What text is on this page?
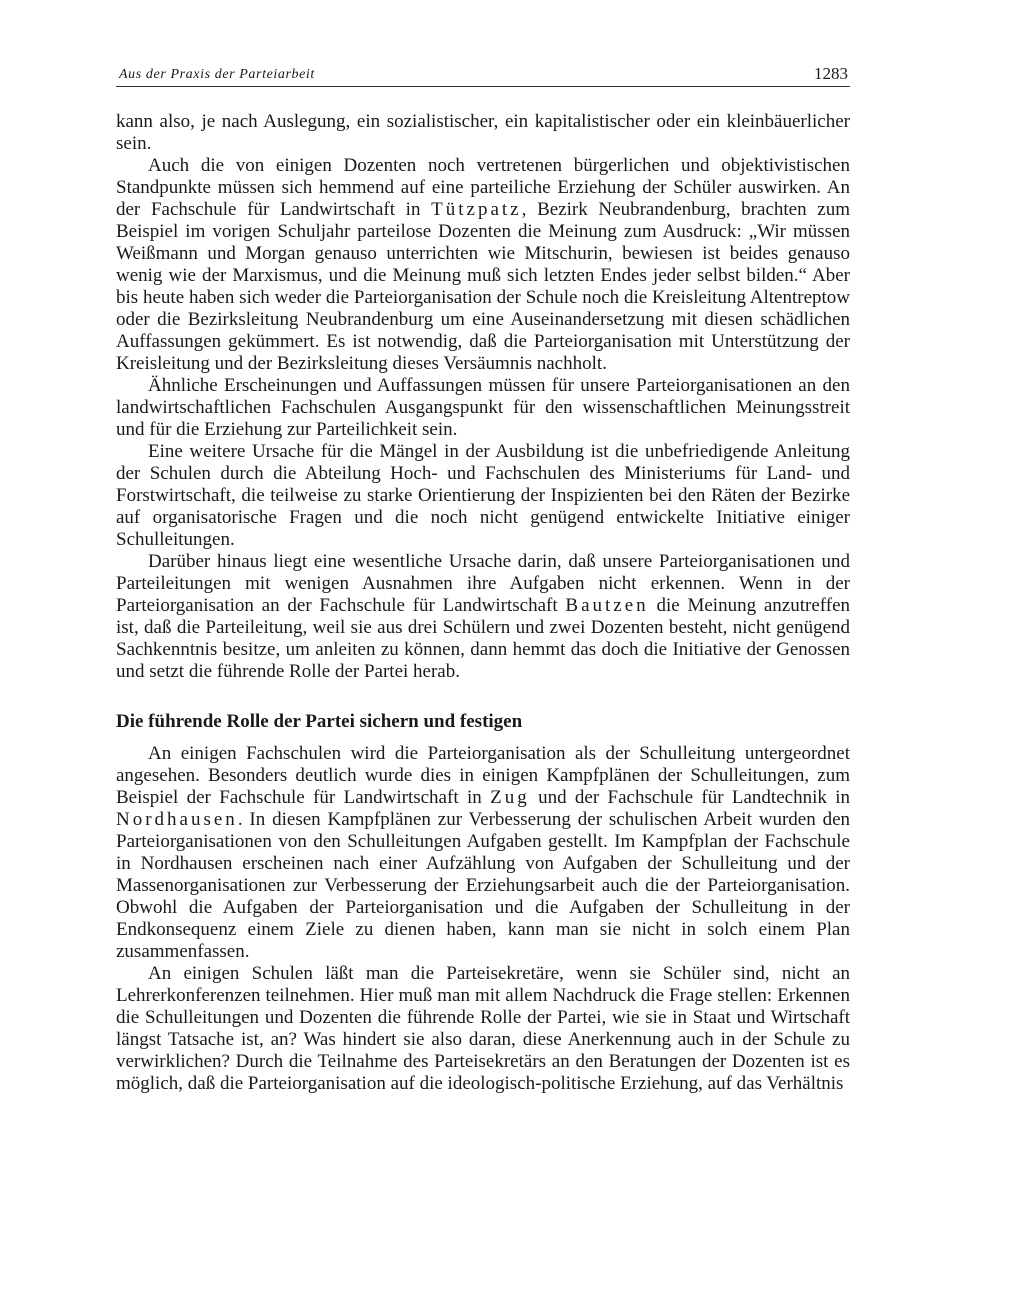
Aus der Praxis der Parteiarbeit	1283

kann also, je nach Auslegung, ein sozialistischer, ein kapitalistischer oder ein kleinbäuerlicher sein.

Auch die von einigen Dozenten noch vertretenen bürgerlichen und objektivistischen Standpunkte müssen sich hemmend auf eine parteiliche Erziehung der Schüler auswirken. An der Fachschule für Landwirtschaft in Tützpatz, Bezirk Neubrandenburg, brachten zum Beispiel im vorigen Schuljahr parteilose Dozenten die Meinung zum Ausdruck: „Wir müssen Weißmann und Morgan genauso unterrichten wie Mitschurin, bewiesen ist beides genauso wenig wie der Marxismus, und die Meinung muß sich letzten Endes jeder selbst bilden.“ Aber bis heute haben sich weder die Parteiorganisation der Schule noch die Kreisleitung Altentreptow oder die Bezirksleitung Neubrandenburg um eine Auseinandersetzung mit diesen schädlichen Auffassungen gekümmert. Es ist notwendig, daß die Parteiorganisation mit Unterstützung der Kreisleitung und der Bezirksleitung dieses Versäumnis nachholt.

Ähnliche Erscheinungen und Auffassungen müssen für unsere Parteiorganisationen an den landwirtschaftlichen Fachschulen Ausgangspunkt für den wissenschaftlichen Meinungsstreit und für die Erziehung zur Parteilichkeit sein.

Eine weitere Ursache für die Mängel in der Ausbildung ist die unbefriedigende Anleitung der Schulen durch die Abteilung Hoch- und Fachschulen des Ministeriums für Land- und Forstwirtschaft, die teilweise zu starke Orientierung der Inspizienten bei den Räten der Bezirke auf organisatorische Fragen und die noch nicht genügend entwickelte Initiative einiger Schulleitungen.

Darüber hinaus liegt eine wesentliche Ursache darin, daß unsere Parteiorganisationen und Parteileitungen mit wenigen Ausnahmen ihre Aufgaben nicht erkennen. Wenn in der Parteiorganisation an der Fachschule für Landwirtschaft Bautzen die Meinung anzutreffen ist, daß die Parteileitung, weil sie aus drei Schülern und zwei Dozenten besteht, nicht genügend Sachkenntnis besitze, um anleiten zu können, dann hemmt das doch die Initiative der Genossen und setzt die führende Rolle der Partei herab.

Die führende Rolle der Partei sichern und festigen

An einigen Fachschulen wird die Parteiorganisation als der Schulleitung untergeordnet angesehen. Besonders deutlich wurde dies in einigen Kampfplänen der Schulleitungen, zum Beispiel der Fachschule für Landwirtschaft in Zug und der Fachschule für Landtechnik in Nordhausen. In diesen Kampfplänen zur Verbesserung der schulischen Arbeit wurden den Parteiorganisationen von den Schulleitungen Aufgaben gestellt. Im Kampfplan der Fachschule in Nordhausen erscheinen nach einer Aufzählung von Aufgaben der Schulleitung und der Massenorganisationen zur Verbesserung der Erziehungsarbeit auch die der Parteiorganisation. Obwohl die Aufgaben der Parteiorganisation und die Aufgaben der Schulleitung in der Endkonsequenz einem Ziele zu dienen haben, kann man sie nicht in solch einem Plan zusammenfassen.

An einigen Schulen läßt man die Parteisekretäre, wenn sie Schüler sind, nicht an Lehrerkonferenzen teilnehmen. Hier muß man mit allem Nachdruck die Frage stellen: Erkennen die Schulleitungen und Dozenten die führende Rolle der Partei, wie sie in Staat und Wirtschaft längst Tatsache ist, an? Was hindert sie also daran, diese Anerkennung auch in der Schule zu verwirklichen? Durch die Teilnahme des Parteisekretärs an den Beratungen der Dozenten ist es möglich, daß die Parteiorganisation auf die ideologisch-politische Erziehung, auf das Verhältnis
